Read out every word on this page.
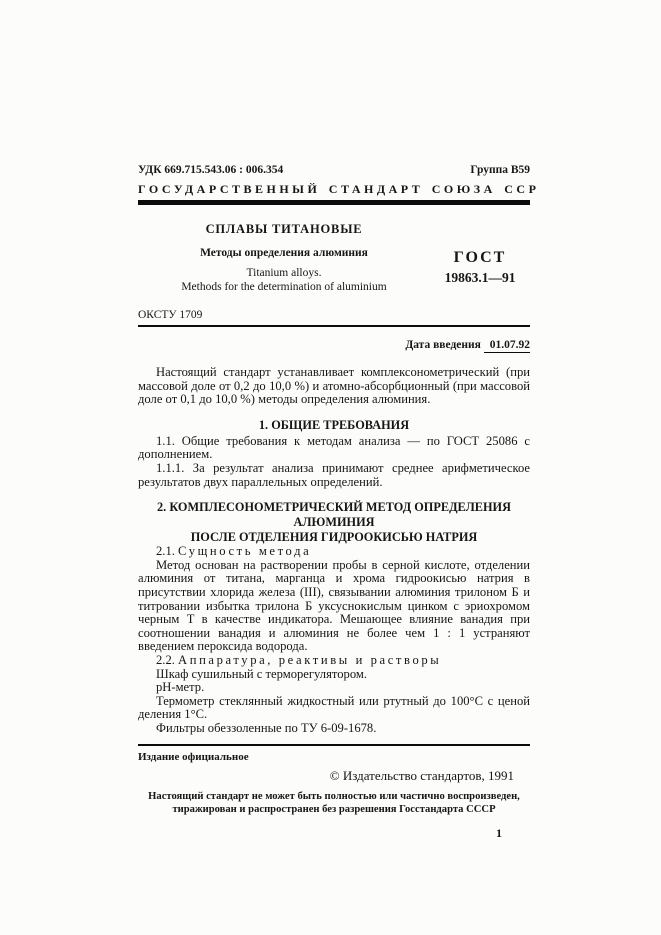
УДК 669.715.543.06 : 006.354	Группа В59
ГОСУДАРСТВЕННЫЙ СТАНДАРТ СОЮЗА ССР
СПЛАВЫ ТИТАНОВЫЕ
Методы определения алюминия
Titanium alloys.
Methods for the determination of aluminium
ГОСТ
19863.1—91
ОКСТУ 1709
Дата введения 01.07.92

Настоящий стандарт устанавливает комплексонометрический (при массовой доле от 0,2 до 10,0 %) и атомно-абсорбционный (при массовой доле от 0,1 до 10,0 %) методы определения алюминия.

1. ОБЩИЕ ТРЕБОВАНИЯ

1.1. Общие требования к методам анализа — по ГОСТ 25086 с дополнением.

1.1.1. За результат анализа принимают среднее арифметическое результатов двух параллельных определений.

2. КОМПЛЕСОНОМЕТРИЧЕСКИЙ МЕТОД ОПРЕДЕЛЕНИЯ АЛЮМИНИЯ
ПОСЛЕ ОТДЕЛЕНИЯ ГИДРООКИСЬЮ НАТРИЯ
2.1. Сущность метода

Метод основан на растворении пробы в серной кислоте, отделении алюминия от титана, марганца и хрома гидроокисью натрия в присутствии хлорида железа (III), связывании алюминия трилоном Б и титровании избытка трилона Б уксуснокислым цинком с эриохромом черным Т в качестве индикатора. Мешающее влияние ванадия при соотношении ванадия и алюминия не более чем 1 : 1 устраняют введением пероксида водорода.

2.2. Аппаратура, реактивы и растворы

Шкаф сушильный с терморегулятором.

pH-метр.

Термометр стеклянный жидкостный или ртутный до 100°С с ценой деления 1°С.

Фильтры обеззоленные по ТУ 6-09-1678.

Издание официальное
© Издательство стандартов, 1991
Настоящий стандарт не может быть полностью или частично воспроизведен, тиражирован и распространен без разрешения Госстандарта СССР
1
